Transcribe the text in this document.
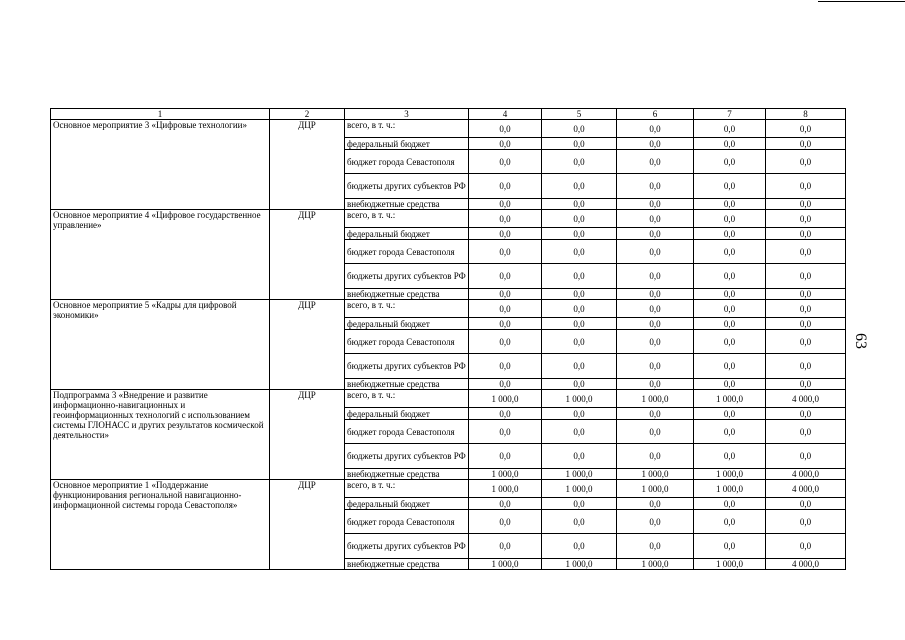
63
1	2	3	4	5	6	7	8
Основное мероприятие 3 «Цифровые технологии»	ДЦР	всего, в т. ч.:	0,0	0,0	0,0	0,0	0,0
		федеральный бюджет	0,0	0,0	0,0	0,0	0,0
		бюджет города Севастополя	0,0	0,0	0,0	0,0	0,0
		бюджеты других субъектов РФ	0,0	0,0	0,0	0,0	0,0
		внебюджетные средства	0,0	0,0	0,0	0,0	0,0
Основное мероприятие 4 «Цифровое государственное управление»	ДЦР	всего, в т. ч.:	0,0	0,0	0,0	0,0	0,0
		федеральный бюджет	0,0	0,0	0,0	0,0	0,0
		бюджет города Севастополя	0,0	0,0	0,0	0,0	0,0
		бюджеты других субъектов РФ	0,0	0,0	0,0	0,0	0,0
		внебюджетные средства	0,0	0,0	0,0	0,0	0,0
Основное мероприятие 5 «Кадры для цифровой экономики»	ДЦР	всего, в т. ч.:	0,0	0,0	0,0	0,0	0,0
		федеральный бюджет	0,0	0,0	0,0	0,0	0,0
		бюджет города Севастополя	0,0	0,0	0,0	0,0	0,0
		бюджеты других субъектов РФ	0,0	0,0	0,0	0,0	0,0
		внебюджетные средства	0,0	0,0	0,0	0,0	0,0
Подпрограмма 3 «Внедрение и развитие информационно-навигационных и геоинформационных технологий с использованием системы ГЛОНАСС и других результатов космической деятельности»	ДЦР	всего, в т. ч.:	1 000,0	1 000,0	1 000,0	1 000,0	4 000,0
		федеральный бюджет	0,0	0,0	0,0	0,0	0,0
		бюджет города Севастополя	0,0	0,0	0,0	0,0	0,0
		бюджеты других субъектов РФ	0,0	0,0	0,0	0,0	0,0
		внебюджетные средства	1 000,0	1 000,0	1 000,0	1 000,0	4 000,0
Основное мероприятие 1 «Поддержание функционирования региональной навигационно-информационной системы города Севастополя»	ДЦР	всего, в т. ч.:	1 000,0	1 000,0	1 000,0	1 000,0	4 000,0
		федеральный бюджет	0,0	0,0	0,0	0,0	0,0
		бюджет города Севастополя	0,0	0,0	0,0	0,0	0,0
		бюджеты других субъектов РФ	0,0	0,0	0,0	0,0	0,0
		внебюджетные средства	1 000,0	1 000,0	1 000,0	1 000,0	4 000,0
